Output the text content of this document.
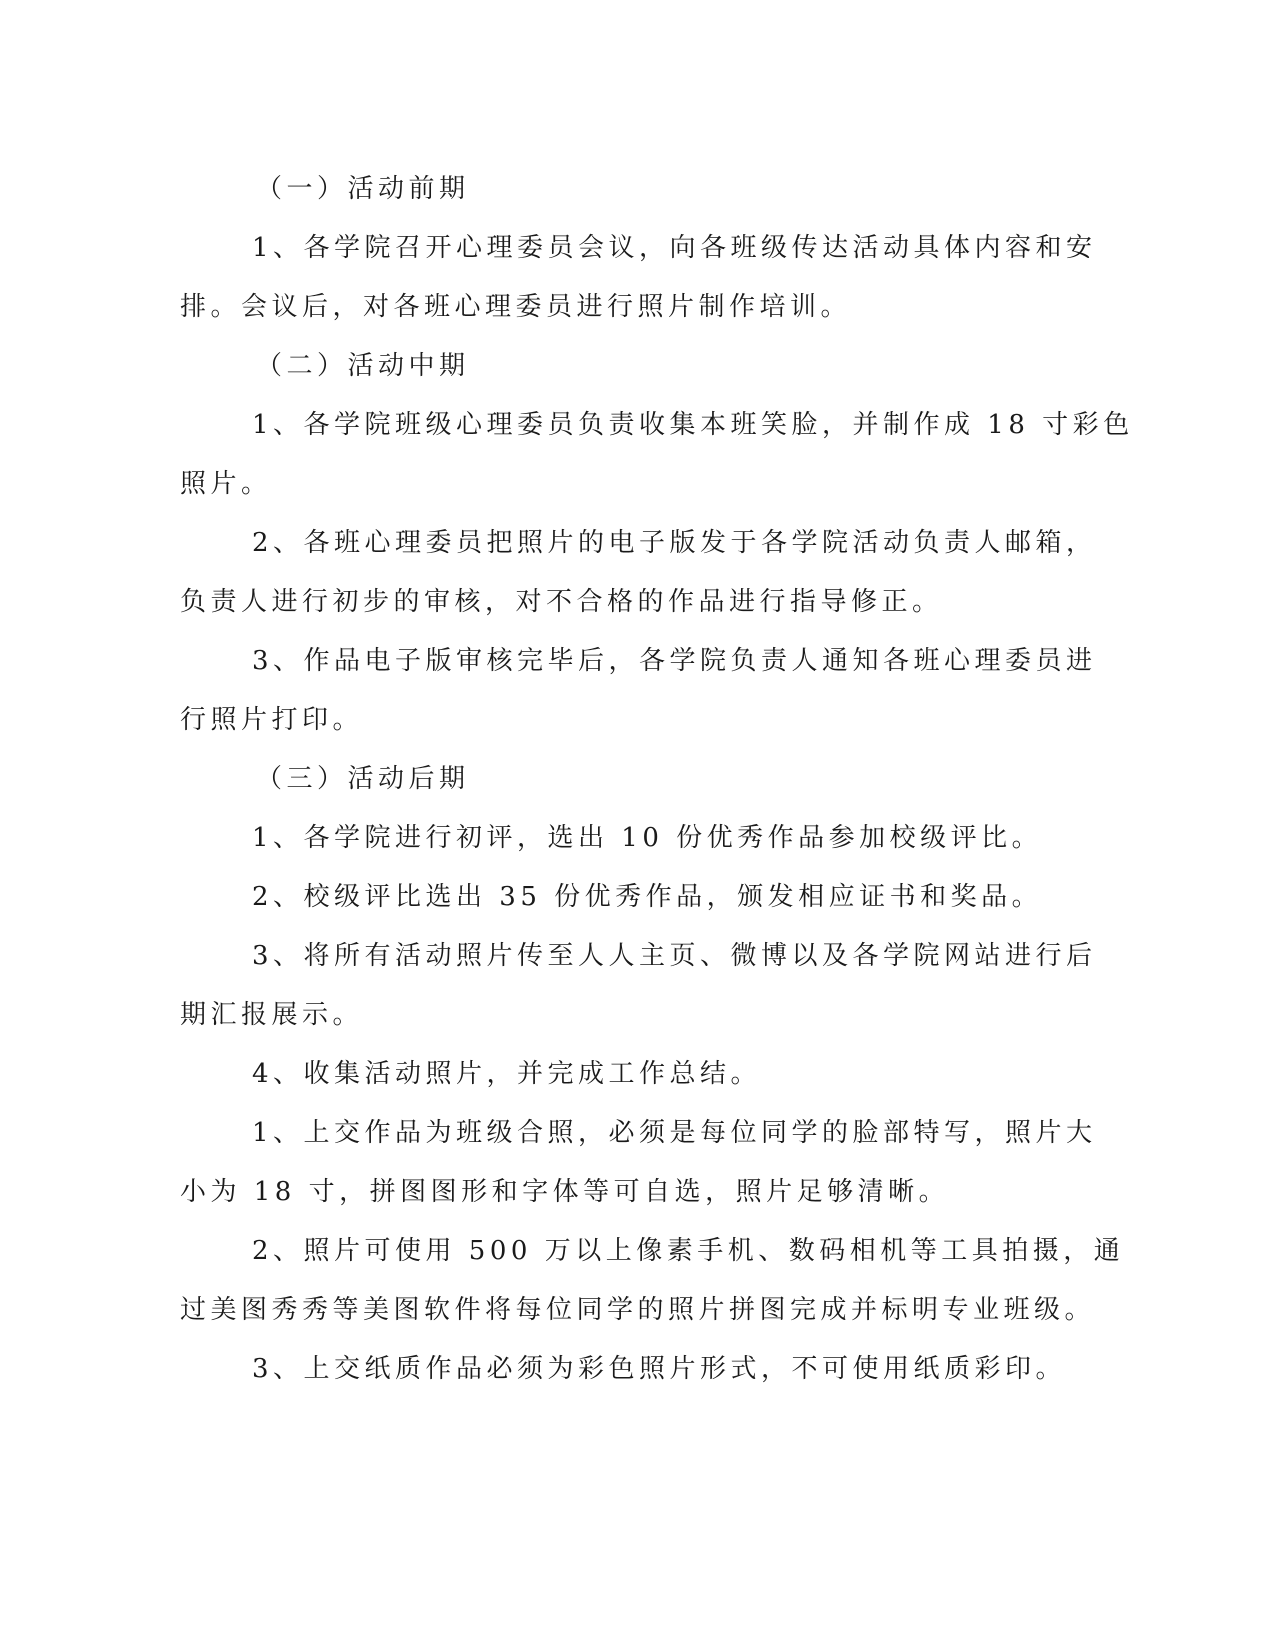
（一）活动前期
1、各学院召开心理委员会议，向各班级传达活动具体内容和安
排。会议后，对各班心理委员进行照片制作培训。
（二）活动中期
1、各学院班级心理委员负责收集本班笑脸，并制作成 18 寸彩色
照片。
2、各班心理委员把照片的电子版发于各学院活动负责人邮箱，
负责人进行初步的审核，对不合格的作品进行指导修正。
3、作品电子版审核完毕后，各学院负责人通知各班心理委员进
行照片打印。
（三）活动后期
1、各学院进行初评，选出 10 份优秀作品参加校级评比。
2、校级评比选出 35 份优秀作品，颁发相应证书和奖品。
3、将所有活动照片传至人人主页、微博以及各学院网站进行后
期汇报展示。
4、收集活动照片，并完成工作总结。
1、上交作品为班级合照，必须是每位同学的脸部特写，照片大
小为 18 寸，拼图图形和字体等可自选，照片足够清晰。
2、照片可使用 500 万以上像素手机、数码相机等工具拍摄，通
过美图秀秀等美图软件将每位同学的照片拼图完成并标明专业班级。
3、上交纸质作品必须为彩色照片形式，不可使用纸质彩印。
